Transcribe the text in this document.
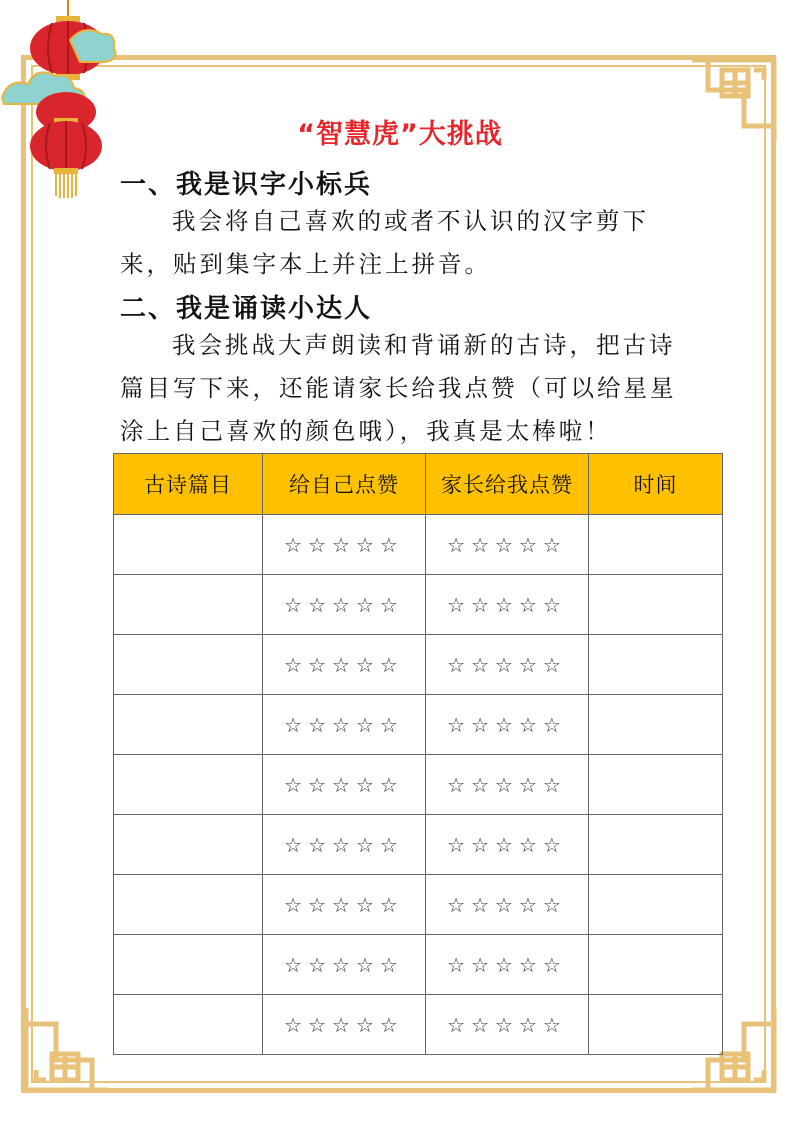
“智慧虎”大挑战
一、我是识字小标兵
我会将自己喜欢的或者不认识的汉字剪下来，贴到集字本上并注上拼音。
二、我是诵读小达人
我会挑战大声朗读和背诵新的古诗，把古诗篇目写下来，还能请家长给我点赞（可以给星星涂上自己喜欢的颜色哦），我真是太棒啦！
古诗篇目	给自己点赞	家长给我点赞	时间
	☆☆☆☆☆	☆☆☆☆☆	
	☆☆☆☆☆	☆☆☆☆☆	
	☆☆☆☆☆	☆☆☆☆☆	
	☆☆☆☆☆	☆☆☆☆☆	
	☆☆☆☆☆	☆☆☆☆☆	
	☆☆☆☆☆	☆☆☆☆☆	
	☆☆☆☆☆	☆☆☆☆☆	
	☆☆☆☆☆	☆☆☆☆☆	
	☆☆☆☆☆	☆☆☆☆☆	
